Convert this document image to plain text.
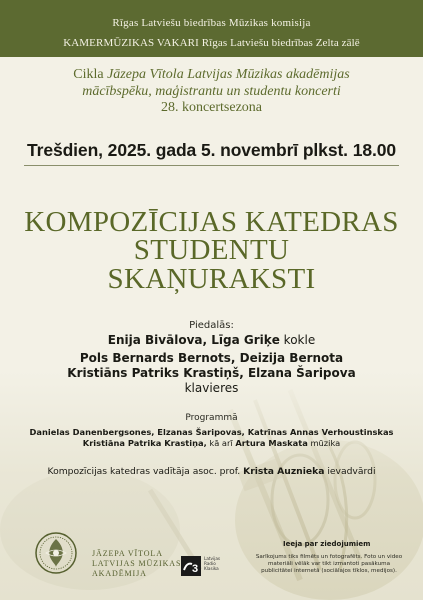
Rīgas Latviešu biedrības Mūzikas komisija
KAMERMŪZIKAS VAKARI Rīgas Latviešu biedrības Zelta zālē
Cikla Jāzepa Vītola Latvijas Mūzikas akadēmijas
mācībspēku, maģistrantu un studentu koncerti
28. koncertsezona
Trešdien, 2025. gada 5. novembrī plkst. 18.00
KOMPOZĪCIJAS KATEDRAS
STUDENTU
SKAŅURAKSTI
Piedalās:
Enija Bivālova, Līga Griķe kokle
Pols Bernards Bernots, Deizija Bernota
Kristiāns Patriks Krastiņš, Elzana Šaripova
klavieres
Programmā
Danielas Danenbergsones, Elzanas Šaripovas, Katrīnas Annas Verhoustinskas
Kristiāna Patrika Krastiņa, kā arī Artura Maskata mūzika
Kompozīcijas katedras vadītāja asoc. prof. Krista Auznieka ievadvārdi
JĀZEPA VĪTOLA
LATVIJAS MŪZIKAS
AKADĒMIJA	3
Latvijas
Radio
Klasika
Ieeja par ziedojumiem
Sarīkojums tiks filmēts un fotografēts. Foto un video
materiāli vēlāk var tikt izmantoti pasākuma
publicitātei internetā (sociālajos tīklos, medijos).
